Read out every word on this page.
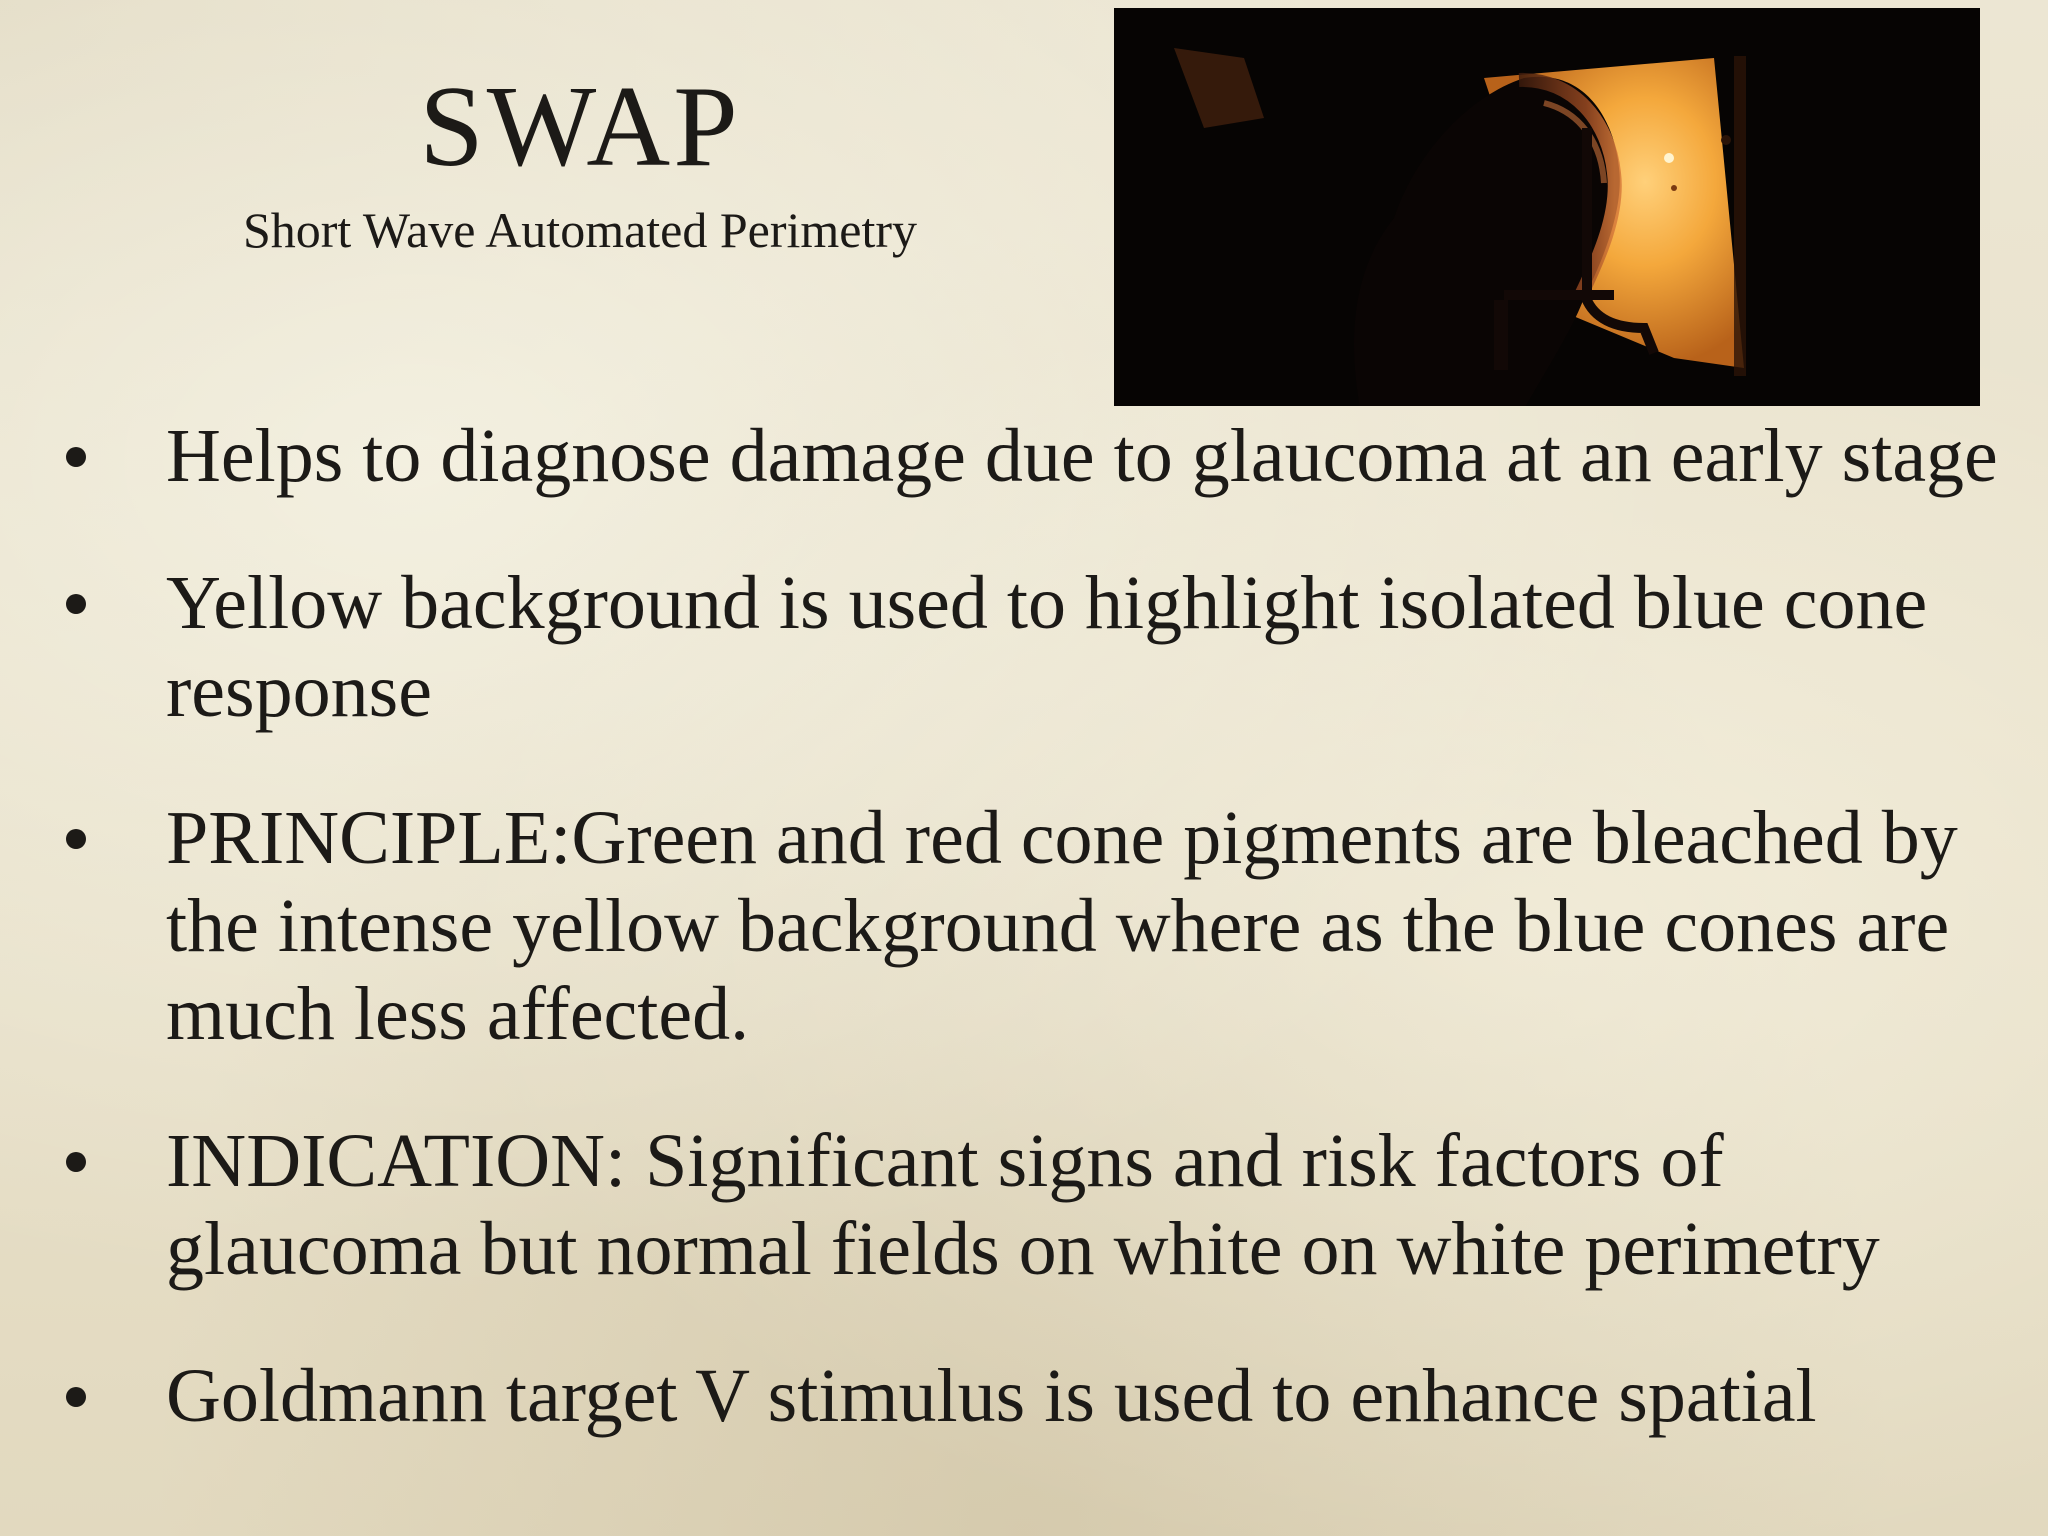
SWAP
Short Wave Automated Perimetry
Helps to diagnose damage due to glaucoma at an early stage
Yellow background is used to highlight isolated blue cone response
PRINCIPLE:Green and red cone pigments are bleached by the intense yellow background where as the blue cones are much less affected.
INDICATION: Significant signs and risk factors of glaucoma but normal fields on white on white perimetry
Goldmann target V stimulus is used to enhance spatial
